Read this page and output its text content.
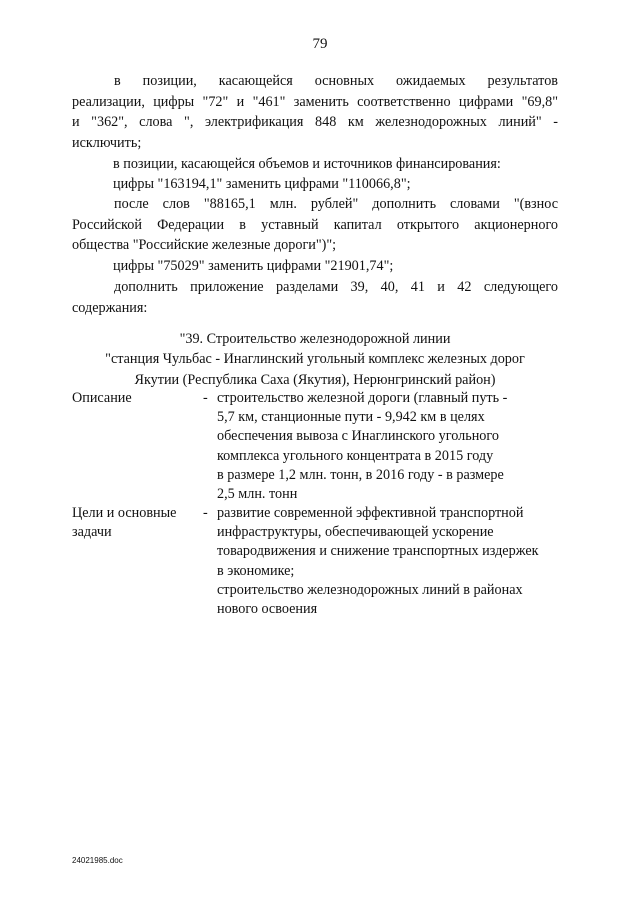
79
в позиции, касающейся основных ожидаемых результатов
реализации, цифры "72" и "461" заменить соответственно цифрами "69,8"
и "362", слова ", электрификация 848 км железнодорожных линий" -
исключить;
в позиции, касающейся объемов и источников финансирования:
цифры "163194,1" заменить цифрами "110066,8";
после слов "88165,1 млн. рублей" дополнить словами "(взнос
Российской Федерации в уставный капитал открытого акционерного
общества "Российские железные дороги")";
цифры "75029" заменить цифрами "21901,74";
дополнить приложение разделами 39, 40, 41 и 42 следующего
содержания:
"39. Строительство железнодорожной линии
"станция Чульбас - Инаглинский угольный комплекс железных дорог
Якутии (Республика Саха (Якутия), Нерюнгринский район)
Описание	- строительство железной дороги (главный путь -
5,7 км, станционные пути - 9,942 км в целях
обеспечения вывоза с Инаглинского угольного
комплекса угольного концентрата в 2015 году
в размере 1,2 млн. тонн, в 2016 году - в размере
2,5 млн. тонн
Цели и основные
задачи
- развитие современной эффективной транспортной
инфраструктуры, обеспечивающей ускорение
товародвижения и снижение транспортных издержек
в экономике;
строительство железнодорожных линий в районах
нового освоения
24021985.doc
